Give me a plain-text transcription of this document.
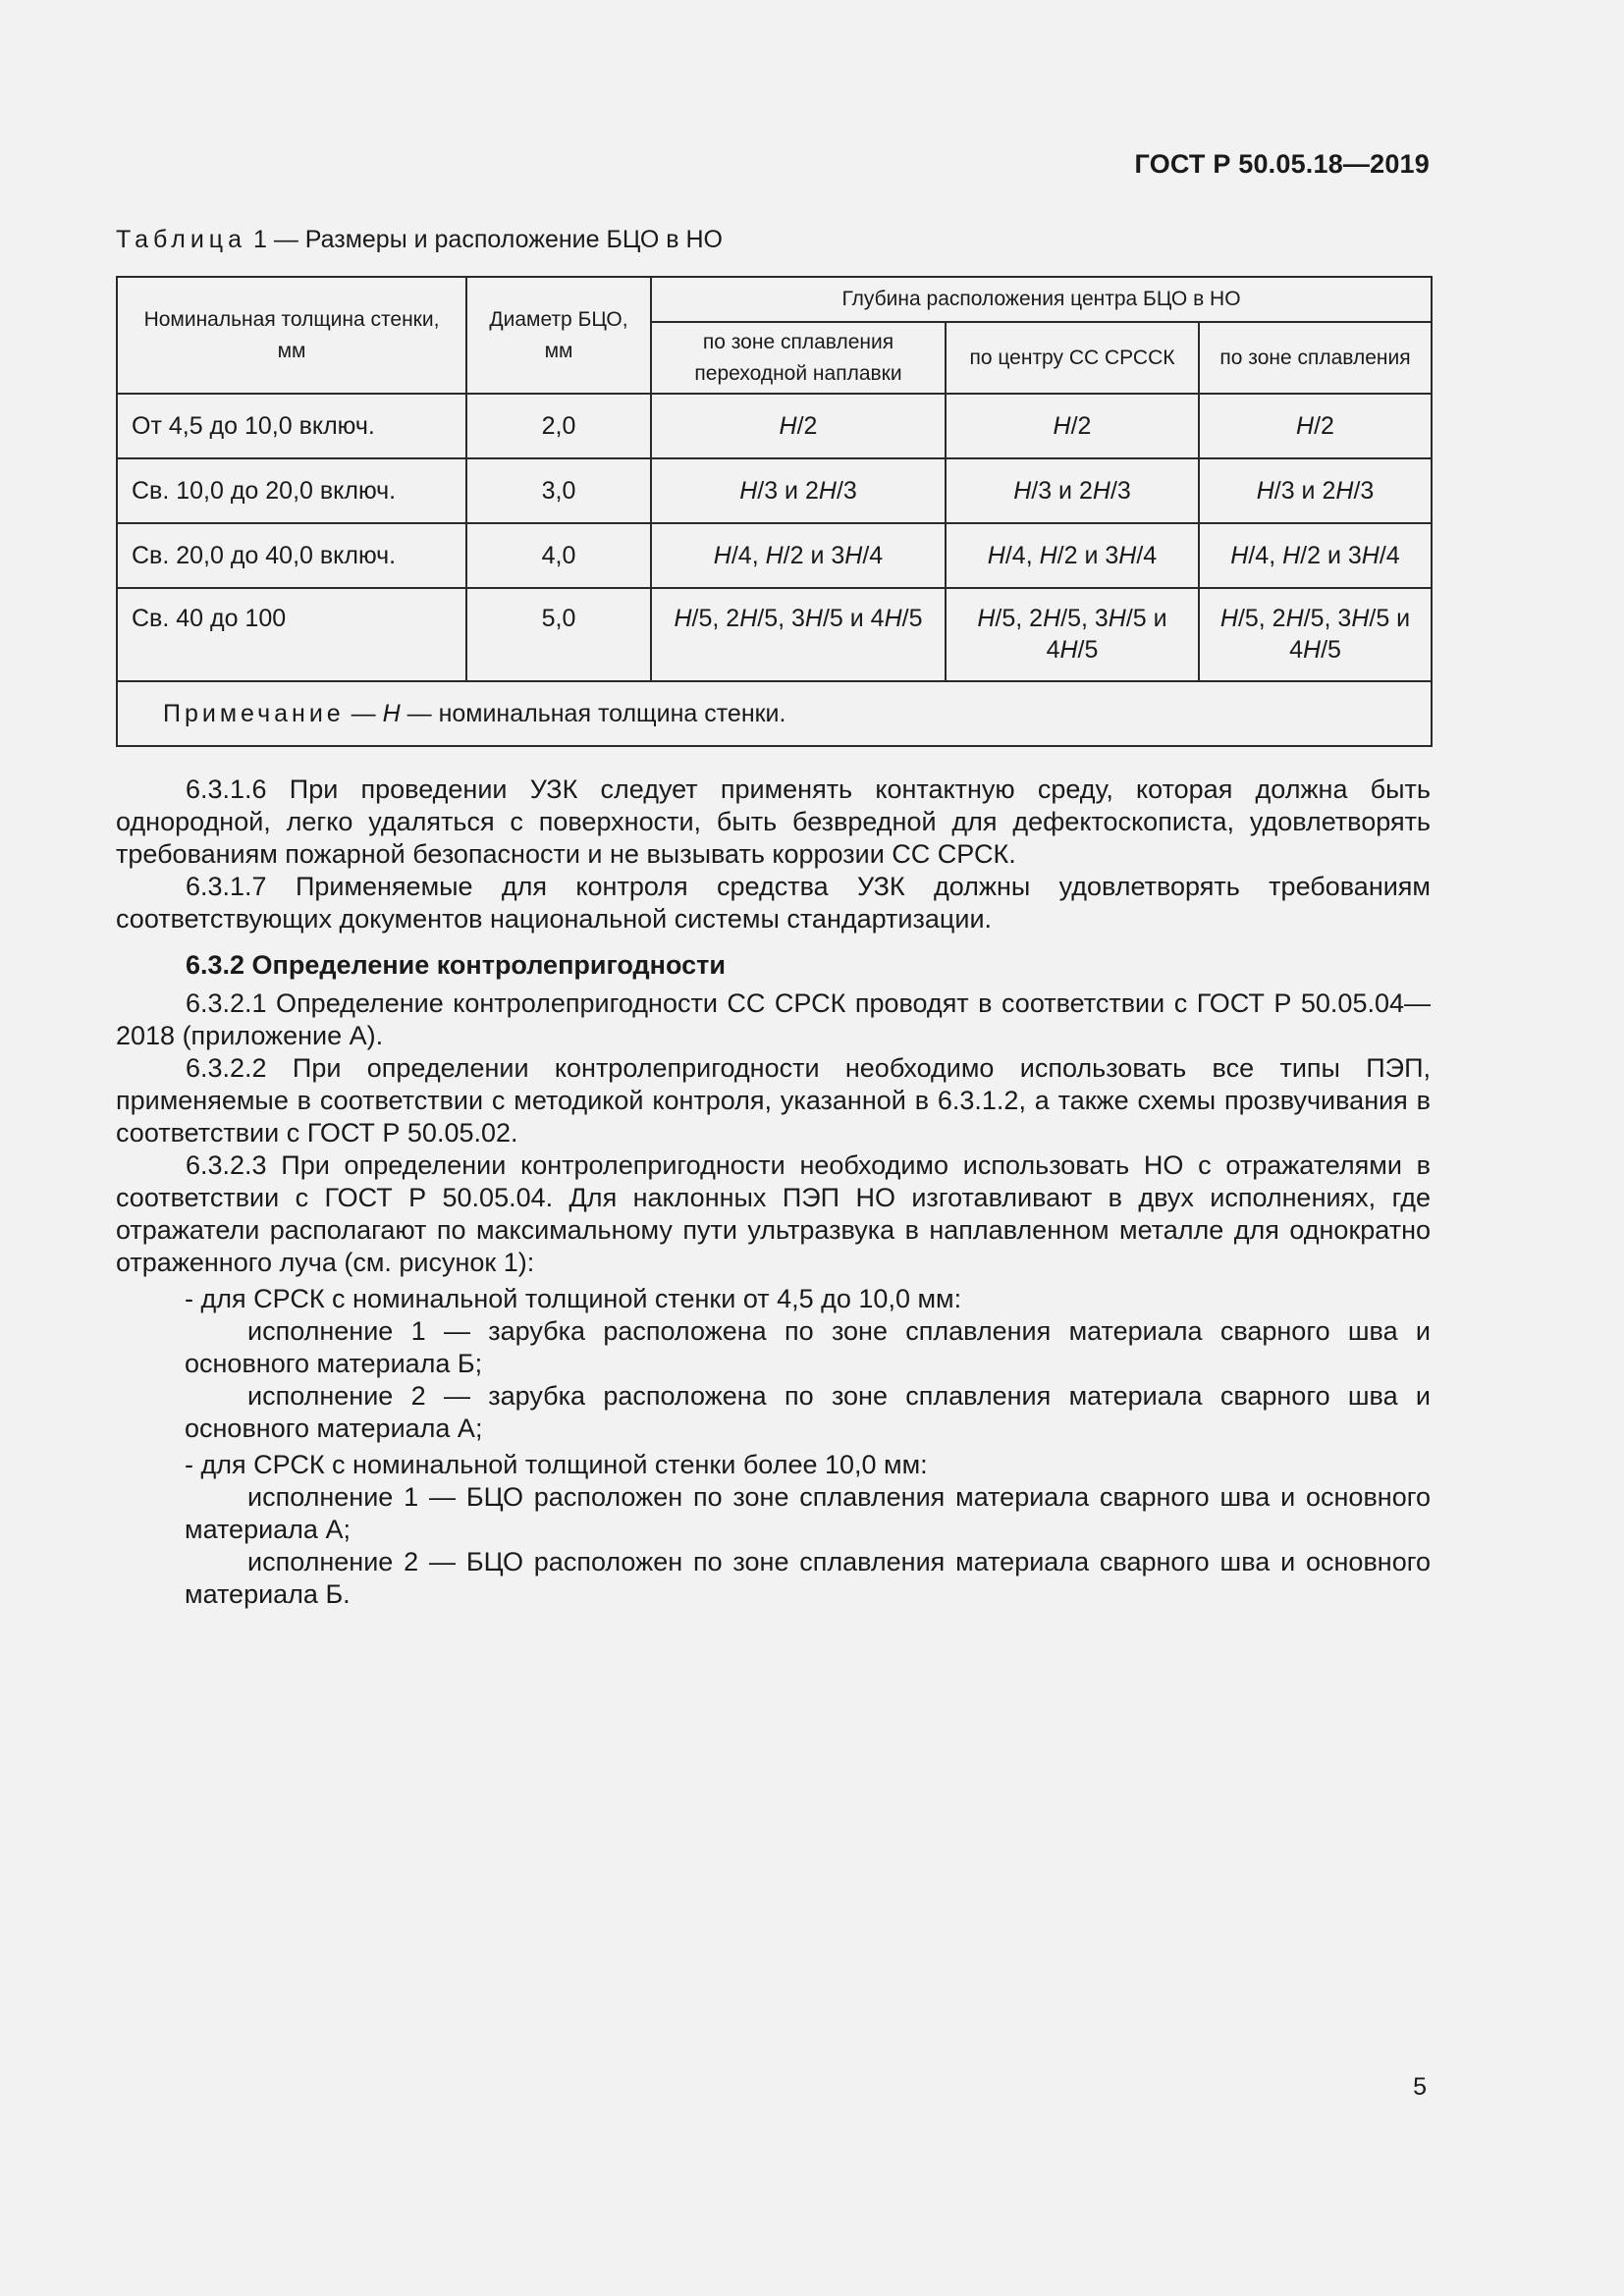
ГОСТ Р 50.05.18—2019
Таблица 1 — Размеры и расположение БЦО в НО
Номинальная толщина стенки, мм	Диаметр БЦО, мм	Глубина расположения центра БЦО в НО		
		по зоне сплавления переходной наплавки	по центру СС СРССК	по зоне сплавления
От 4,5 до 10,0 включ.	2,0	H/2	H/2	H/2
Св. 10,0 до 20,0 включ.	3,0	H/3 и 2H/3	H/3 и 2H/3	H/3 и 2H/3
Св. 20,0 до 40,0 включ.	4,0	H/4, H/2 и 3H/4	H/4, H/2 и 3H/4	H/4, H/2 и 3H/4
Св. 40 до 100	5,0	H/5, 2H/5, 3H/5 и 4H/5	H/5, 2H/5, 3H/5 и 4H/5	H/5, 2H/5, 3H/5 и 4H/5
Примечание — H — номинальная толщина стенки.				

6.3.1.6 При проведении УЗК следует применять контактную среду, которая должна быть однородной, легко удаляться с поверхности, быть безвредной для дефектоскописта, удовлетворять требованиям пожарной безопасности и не вызывать коррозии СС СРСК.

6.3.1.7 Применяемые для контроля средства УЗК должны удовлетворять требованиям соответствующих документов национальной системы стандартизации.

6.3.2 Определение контролепригодности

6.3.2.1 Определение контролепригодности СС СРСК проводят в соответствии с ГОСТ Р 50.05.04—2018 (приложение А).

6.3.2.2 При определении контролепригодности необходимо использовать все типы ПЭП, применяемые в соответствии с методикой контроля, указанной в 6.3.1.2, а также схемы прозвучивания в соответствии с ГОСТ Р 50.05.02.

6.3.2.3 При определении контролепригодности необходимо использовать НО с отражателями в соответствии с ГОСТ Р 50.05.04. Для наклонных ПЭП НО изготавливают в двух исполнениях, где отражатели располагают по максимальному пути ультразвука в наплавленном металле для однократно отраженного луча (см. рисунок 1):

- для СРСК с номинальной толщиной стенки от 4,5 до 10,0 мм:

исполнение 1 — зарубка расположена по зоне сплавления материала сварного шва и основного материала Б;

исполнение 2 — зарубка расположена по зоне сплавления материала сварного шва и основного материала А;

- для СРСК с номинальной толщиной стенки более 10,0 мм:

исполнение 1 — БЦО расположен по зоне сплавления материала сварного шва и основного материала А;

исполнение 2 — БЦО расположен по зоне сплавления материала сварного шва и основного материала Б.

5
